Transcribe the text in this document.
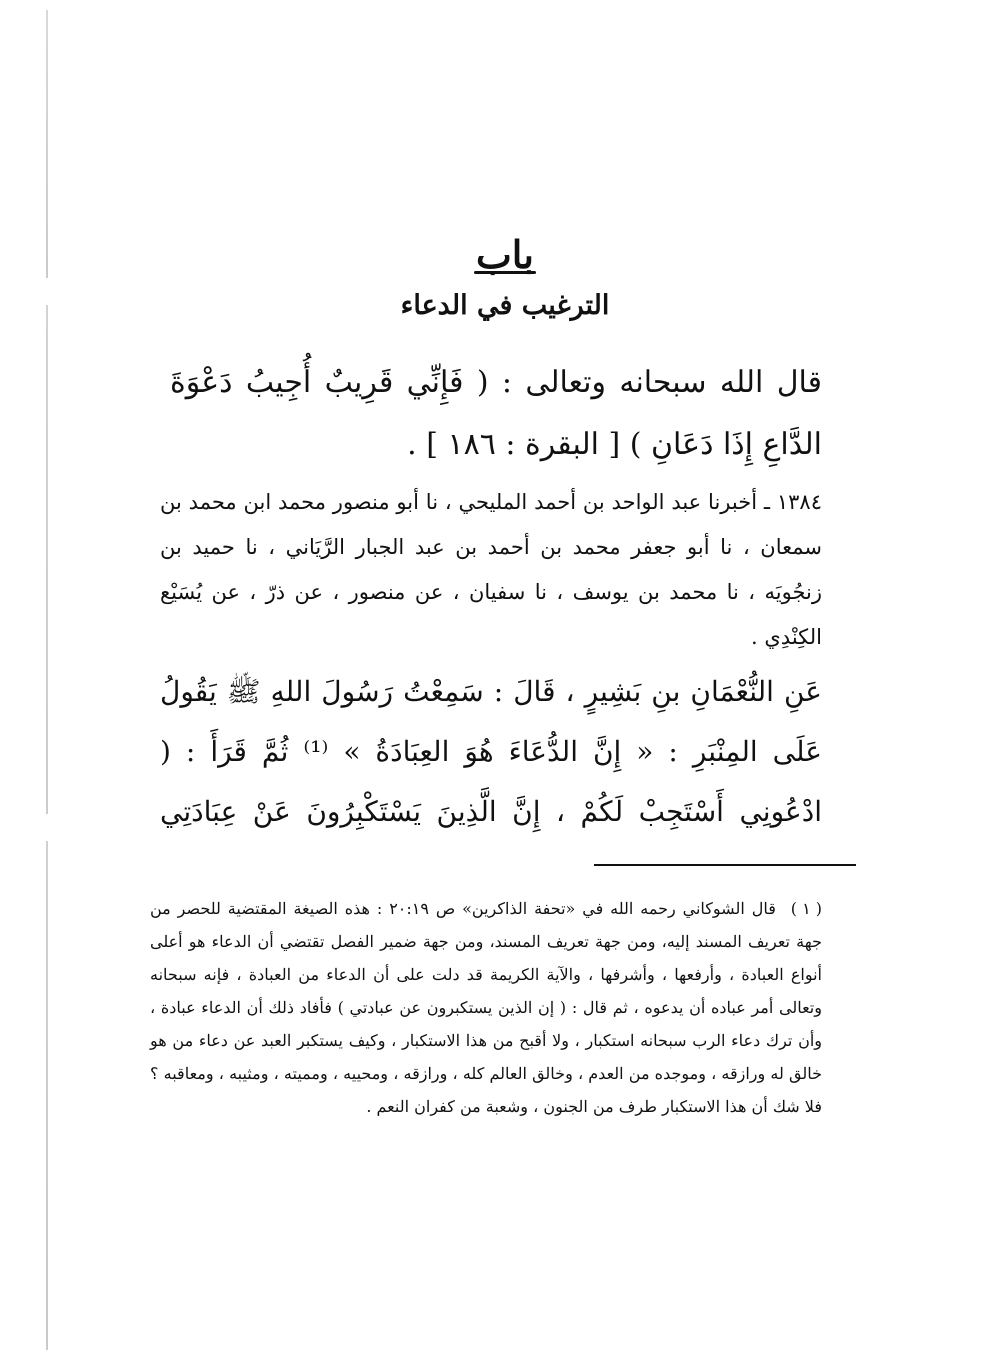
باب
الترغيب في الدعاء
قال الله سبحانه وتعالى : ( فَإِنِّي قَرِيبٌ أُجِيبُ دَعْوَةَ الدَّاعِ إِذَا دَعَانِ ) [ البقرة : ١٨٦ ] .
١٣٨٤ ـ أخبرنا عبد الواحد بن أحمد المليحي ، نا أبو منصور محمد ابن محمد بن سمعان ، نا أبو جعفر محمد بن أحمد بن عبد الجبار الرَّيَاني ، نا حميد بن زنجُويَه ، نا محمد بن يوسف ، نا سفيان ، عن منصور ، عن ذرّ ، عن يُسَيْع الكِنْدِي .
عَنِ النُّعْمَانِ بنِ بَشِيرٍ ، قَالَ : سَمِعْتُ رَسُولَ اللهِ ﷺ يَقُولُ عَلَى المِنْبَرِ : « إِنَّ الدُّعَاءَ هُوَ العِبَادَةُ » ⁽¹⁾ ثُمَّ قَرَأَ : ( ادْعُونِي أَسْتَجِبْ لَكُمْ ، إِنَّ الَّذِينَ يَسْتَكْبِرُونَ عَنْ عِبَادَتِي
( ١ ) قال الشوكاني رحمه الله في «تحفة الذاكرين» ص ٢٠:١٩ : هذه الصيغة المقتضية للحصر من جهة تعريف المسند إليه، ومن جهة تعريف المسند، ومن جهة ضمير الفصل تقتضي أن الدعاء هو أعلى أنواع العبادة ، وأرفعها ، وأشرفها ، والآية الكريمة قد دلت على أن الدعاء من العبادة ، فإنه سبحانه وتعالى أمر عباده أن يدعوه ، ثم قال : ( إن الذين يستكبرون عن عبادتي ) فأفاد ذلك أن الدعاء عبادة ، وأن ترك دعاء الرب سبحانه استكبار ، ولا أقبح من هذا الاستكبار ، وكيف يستكبر العبد عن دعاء من هو خالق له ورازقه ، وموجده من العدم ، وخالق العالم كله ، ورازقه ، ومحييه ، ومميته ، ومثيبه ، ومعاقبه ؟ فلا شك أن هذا الاستكبار طرف من الجنون ، وشعبة من كفران النعم .
